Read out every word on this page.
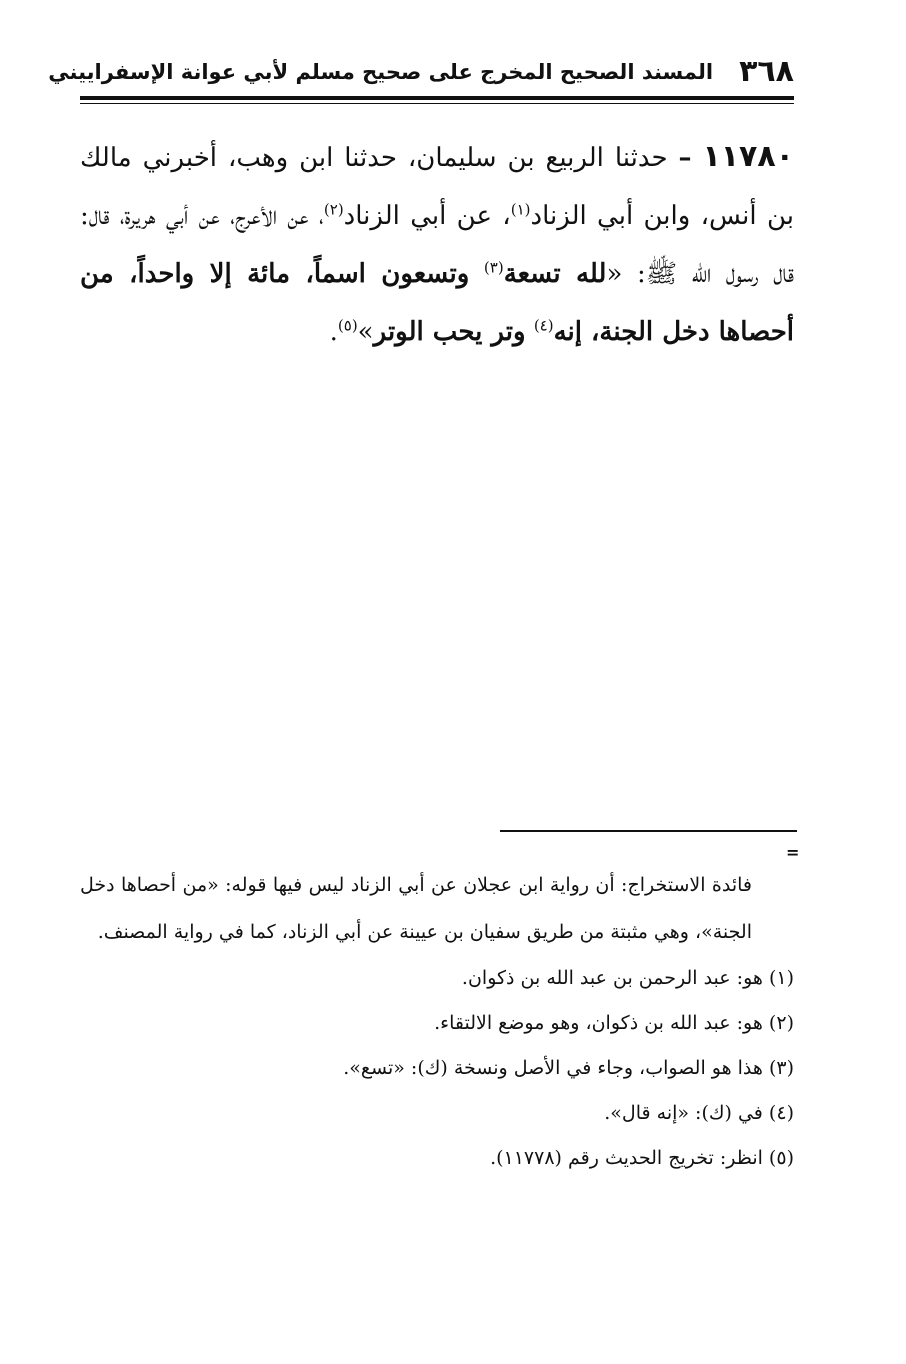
٣٦٨
المسند الصحيح المخرج على صحيح مسلم لأبي عوانة الإسفراييني
١١٧٨٠ – حدثنا الربيع بن سليمان، حدثنا ابن وهب، أخبرني مالك بن أنس، وابن أبي الزناد$^{(١)}$، عن أبي الزناد$^{(٢)}$، عن الأعرج، عن أبي هريرة، قال: قال رسول الله ﷺ: «لله تسعة$^{(٣)}$ وتسعون اسماً، مائة إلا واحداً، من أحصاها دخل الجنة، إنه$^{(٤)}$ وتر يحب الوتر»$^{(٥)}$.
=
فائدة الاستخراج: أن رواية ابن عجلان عن أبي الزناد ليس فيها قوله: «من أحصاها دخل الجنة»، وهي مثبتة من طريق سفيان بن عيينة عن أبي الزناد، كما في رواية المصنف.
(١) هو: عبد الرحمن بن عبد الله بن ذكوان.
(٢) هو: عبد الله بن ذكوان، وهو موضع الالتقاء.
(٣) هذا هو الصواب، وجاء في الأصل ونسخة (ك): «تسع».
(٤) في (ك): «إنه قال».
(٥) انظر: تخريج الحديث رقم (١١٧٧٨).
